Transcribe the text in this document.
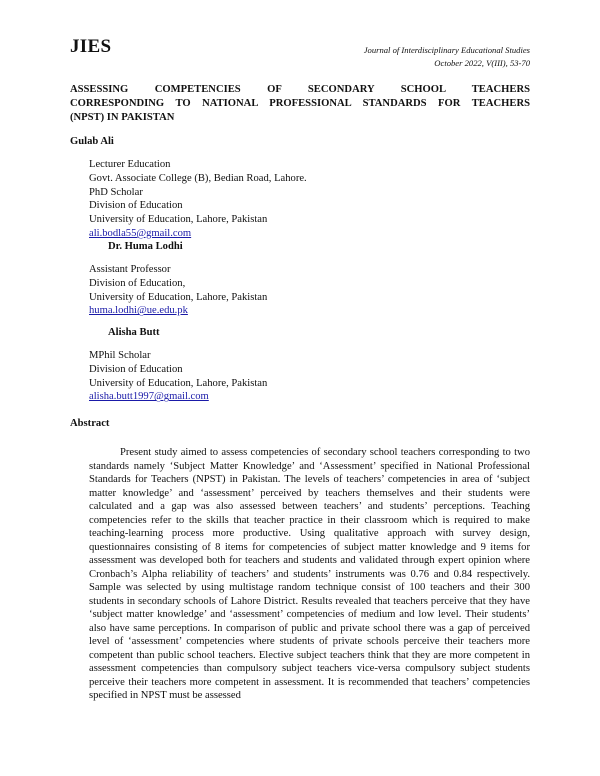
JIES	Journal of Interdisciplinary Educational Studies
October 2022, V(III), 53-70
ASSESSING COMPETENCIES OF SECONDARY SCHOOL TEACHERS
CORRESPONDING TO NATIONAL PROFESSIONAL STANDARDS FOR TEACHERS
(NPST) IN PAKISTAN
Gulab Ali
Lecturer Education
Govt. Associate College (B), Bedian Road, Lahore.
PhD Scholar
Division of Education
University of Education, Lahore, Pakistan
ali.bodla55@gmail.com
Dr. Huma Lodhi
Assistant Professor
Division of Education,
University of Education, Lahore, Pakistan
huma.lodhi@ue.edu.pk
Alisha Butt
MPhil Scholar
Division of Education
University of Education, Lahore, Pakistan
alisha.butt1997@gmail.com
Abstract

Present study aimed to assess competencies of secondary school teachers corresponding to two standards namely ‘Subject Matter Knowledge’ and ‘Assessment’ specified in National Professional Standards for Teachers (NPST) in Pakistan. The levels of teachers’ competencies in area of ‘subject matter knowledge’ and ‘assessment’ perceived by teachers themselves and their students were calculated and a gap was also assessed between teachers’ and students’ perceptions. Teaching competencies refer to the skills that teacher practice in their classroom which is required to make teaching-learning process more productive. Using qualitative approach with survey design, questionnaires consisting of 8 items for competencies of subject matter knowledge and 9 items for assessment was developed both for teachers and students and validated through expert opinion where Cronbach’s Alpha reliability of teachers’ and students’ instruments was 0.76 and 0.84 respectively. Sample was selected by using multistage random technique consist of 100 teachers and their 300 students in secondary schools of Lahore District. Results revealed that teachers perceive that they have ‘subject matter knowledge’ and ‘assessment’ competencies of medium and low level. Their students’ also have same perceptions. In comparison of public and private school there was a gap of perceived level of ‘assessment’ competencies where students of private schools perceive their teachers more competent than public school teachers. Elective subject teachers think that they are more competent in assessment competencies than compulsory subject teachers vice-versa compulsory subject students perceive their teachers more competent in assessment. It is recommended that teachers’ competencies specified in NPST must be assessed
